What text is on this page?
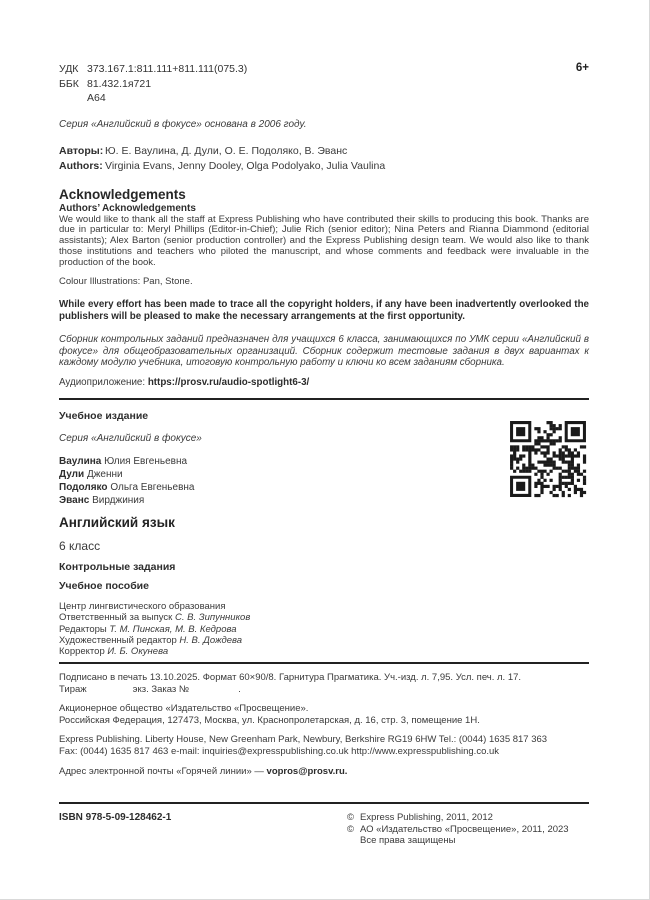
УДК 373.167.1:811.111+811.111(075.3)
ББК 81.432.1я721
А64
6+
Серия «Английский в фокусе» основана в 2006 году.
Авторы: Ю. Е. Ваулина, Д. Дули, О. Е. Подоляко, В. Эванс
Authors: Virginia Evans, Jenny Dooley, Olga Podolyako, Julia Vaulina
Acknowledgements
Authors’ Acknowledgements
We would like to thank all the staff at Express Publishing who have contributed their skills to producing this book. Thanks are due in particular to: Meryl Phillips (Editor-in-Chief); Julie Rich (senior editor); Nina Peters and Rianna Diammond (editorial assistants); Alex Barton (senior production controller) and the Express Publishing design team. We would also like to thank those institutions and teachers who piloted the manuscript, and whose comments and feedback were invaluable in the production of the book.
Colour Illustrations: Pan, Stone.
While every effort has been made to trace all the copyright holders, if any have been inadvertently overlooked the publishers will be pleased to make the necessary arrangements at the first opportunity.
Сборник контрольных заданий предназначен для учащихся 6 класса, занимающихся по УМК серии «Английский в фокусе» для общеобразовательных организаций. Сборник содержит тестовые задания в двух вариантах к каждому модулю учебника, итоговую контрольную работу и ключи ко всем заданиям сборника.
Аудиоприложение: https://prosv.ru/audio-spotlight6-3/
Учебное издание
Серия «Английский в фокусе»
Ваулина Юлия Евгеньевна
Дули Дженни
Подоляко Ольга Евгеньевна
Эванс Вирджиния
Английский язык
6 класс
Контрольные задания
Учебное пособие
Центр лингвистического образования
Ответственный за выпуск С. В. Зипунников
Редакторы Т. М. Пинская, М. В. Кедрова
Художественный редактор Н. В. Дождева
Корректор И. Б. Окунева
Подписано в печать 13.10.2025. Формат 60×90/8. Гарнитура Прагматика. Уч.-изд. л. 7,95. Усл. печ. л. 17.
Тираж	экз. Заказ №	.
Акционерное общество «Издательство «Просвещение».
Российская Федерация, 127473, Москва, ул. Краснопролетарская, д. 16, стр. 3, помещение 1Н.
Express Publishing. Liberty House, New Greenham Park, Newbury, Berkshire RG19 6HW Tel.: (0044) 1635 817 363
Fax: (0044) 1635 817 463 e-mail: inquiries@expresspublishing.co.uk http://www.expresspublishing.co.uk
Адрес электронной почты «Горячей линии» — vopros@prosv.ru.
ISBN 978-5-09-128462-1	© Express Publishing, 2011, 2012
© АО «Издательство «Просвещение», 2011, 2023
Все права защищены
